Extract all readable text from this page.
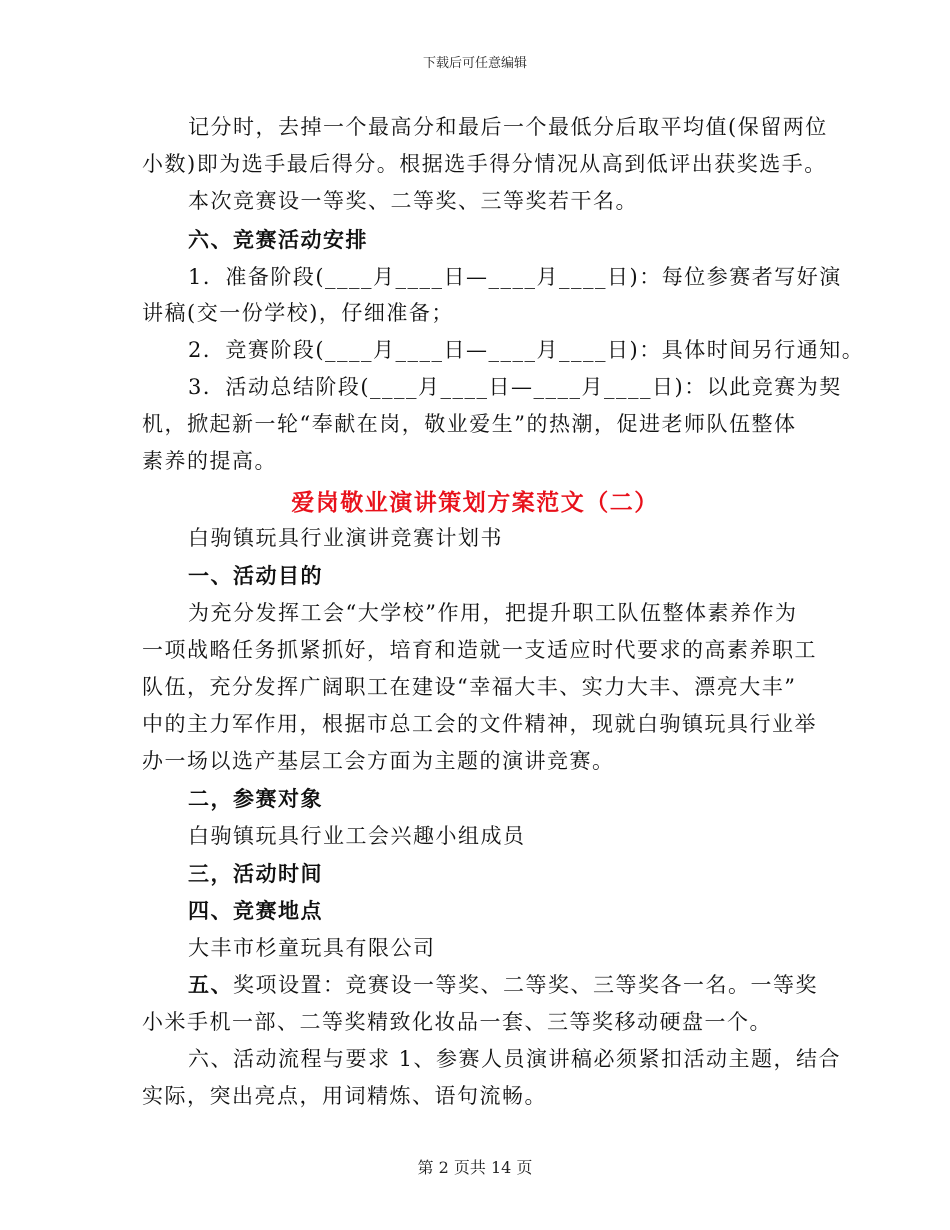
下载后可任意编辑
记分时，去掉一个最高分和最后一个最低分后取平均值(保留两位
小数)即为选手最后得分。根据选手得分情况从高到低评出获奖选手。
本次竞赛设一等奖、二等奖、三等奖若干名。
六、竞赛活动安排
1．准备阶段(____月____日—____月____日)：每位参赛者写好演
讲稿(交一份学校)，仔细准备；
2．竞赛阶段(____月____日—____月____日)：具体时间另行通知。
3．活动总结阶段(____月____日—____月____日)：以此竞赛为契
机，掀起新一轮“奉献在岗，敬业爱生”的热潮，促进老师队伍整体
素养的提高。
爱岗敬业演讲策划方案范文（二）
白驹镇玩具行业演讲竞赛计划书
一、活动目的
为充分发挥工会“大学校”作用，把提升职工队伍整体素养作为
一项战略任务抓紧抓好，培育和造就一支适应时代要求的高素养职工
队伍，充分发挥广阔职工在建设“幸福大丰、实力大丰、漂亮大丰”
中的主力军作用，根据市总工会的文件精神，现就白驹镇玩具行业举
办一场以选产基层工会方面为主题的演讲竞赛。
二，参赛对象
白驹镇玩具行业工会兴趣小组成员
三，活动时间
四、竞赛地点
大丰市杉童玩具有限公司
五、奖项设置：竞赛设一等奖、二等奖、三等奖各一名。一等奖
小米手机一部、二等奖精致化妆品一套、三等奖移动硬盘一个。
六、活动流程与要求 1、参赛人员演讲稿必须紧扣活动主题，结合
实际，突出亮点，用词精炼、语句流畅。
第 2 页共 14 页
